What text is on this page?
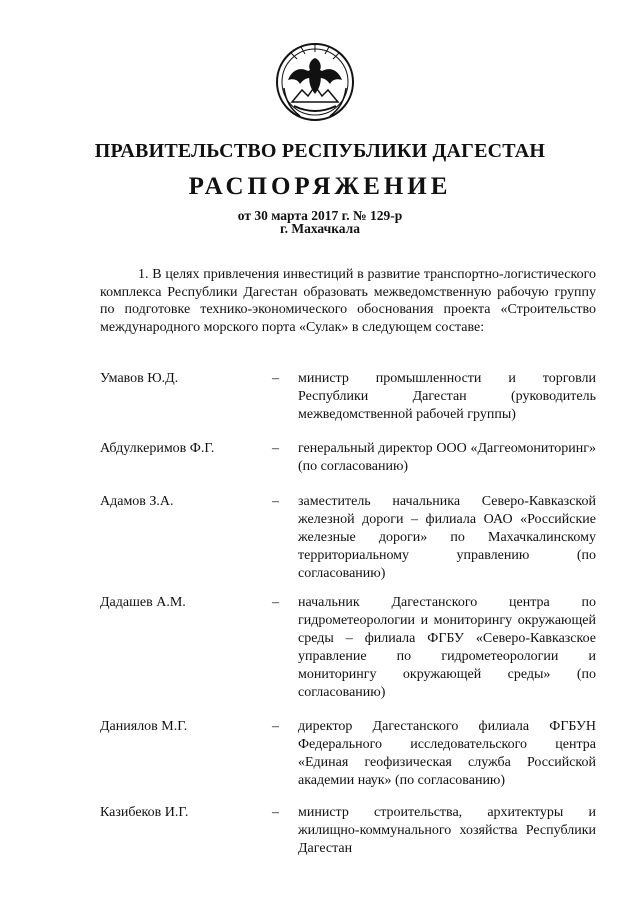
ПРАВИТЕЛЬСТВО РЕСПУБЛИКИ ДАГЕСТАН
РАСПОРЯЖЕНИЕ
от 30 марта 2017 г. № 129-р
г. Махачкала
1. В целях привлечения инвестиций в развитие транспортно-логистического комплекса Республики Дагестан образовать межведомственную рабочую группу по подготовке технико-экономического обоснования проекта «Строительство международного морского порта «Сулак» в следующем составе:
Умавов Ю.Д.	– министр промышленности и торговли Республики Дагестан (руководитель межведомственной рабочей группы)
Абдулкеримов Ф.Г.	– генеральный директор ООО «Даггеомониторинг» (по согласованию)
Адамов З.А.	– заместитель начальника Северо-Кавказской железной дороги – филиала ОАО «Российские железные дороги» по Махачкалинскому территориальному управлению (по согласованию)
Дадашев А.М.	– начальник Дагестанского центра по гидрометеорологии и мониторингу окружающей среды – филиала ФГБУ «Северо-Кавказское управление по гидрометеорологии и мониторингу окружающей среды» (по согласованию)
Даниялов М.Г.	– директор Дагестанского филиала ФГБУН Федерального исследовательского центра «Единая геофизическая служба Российской академии наук» (по согласованию)
Казибеков И.Г.	– министр строительства, архитектуры и жилищно-коммунального хозяйства Республики Дагестан
